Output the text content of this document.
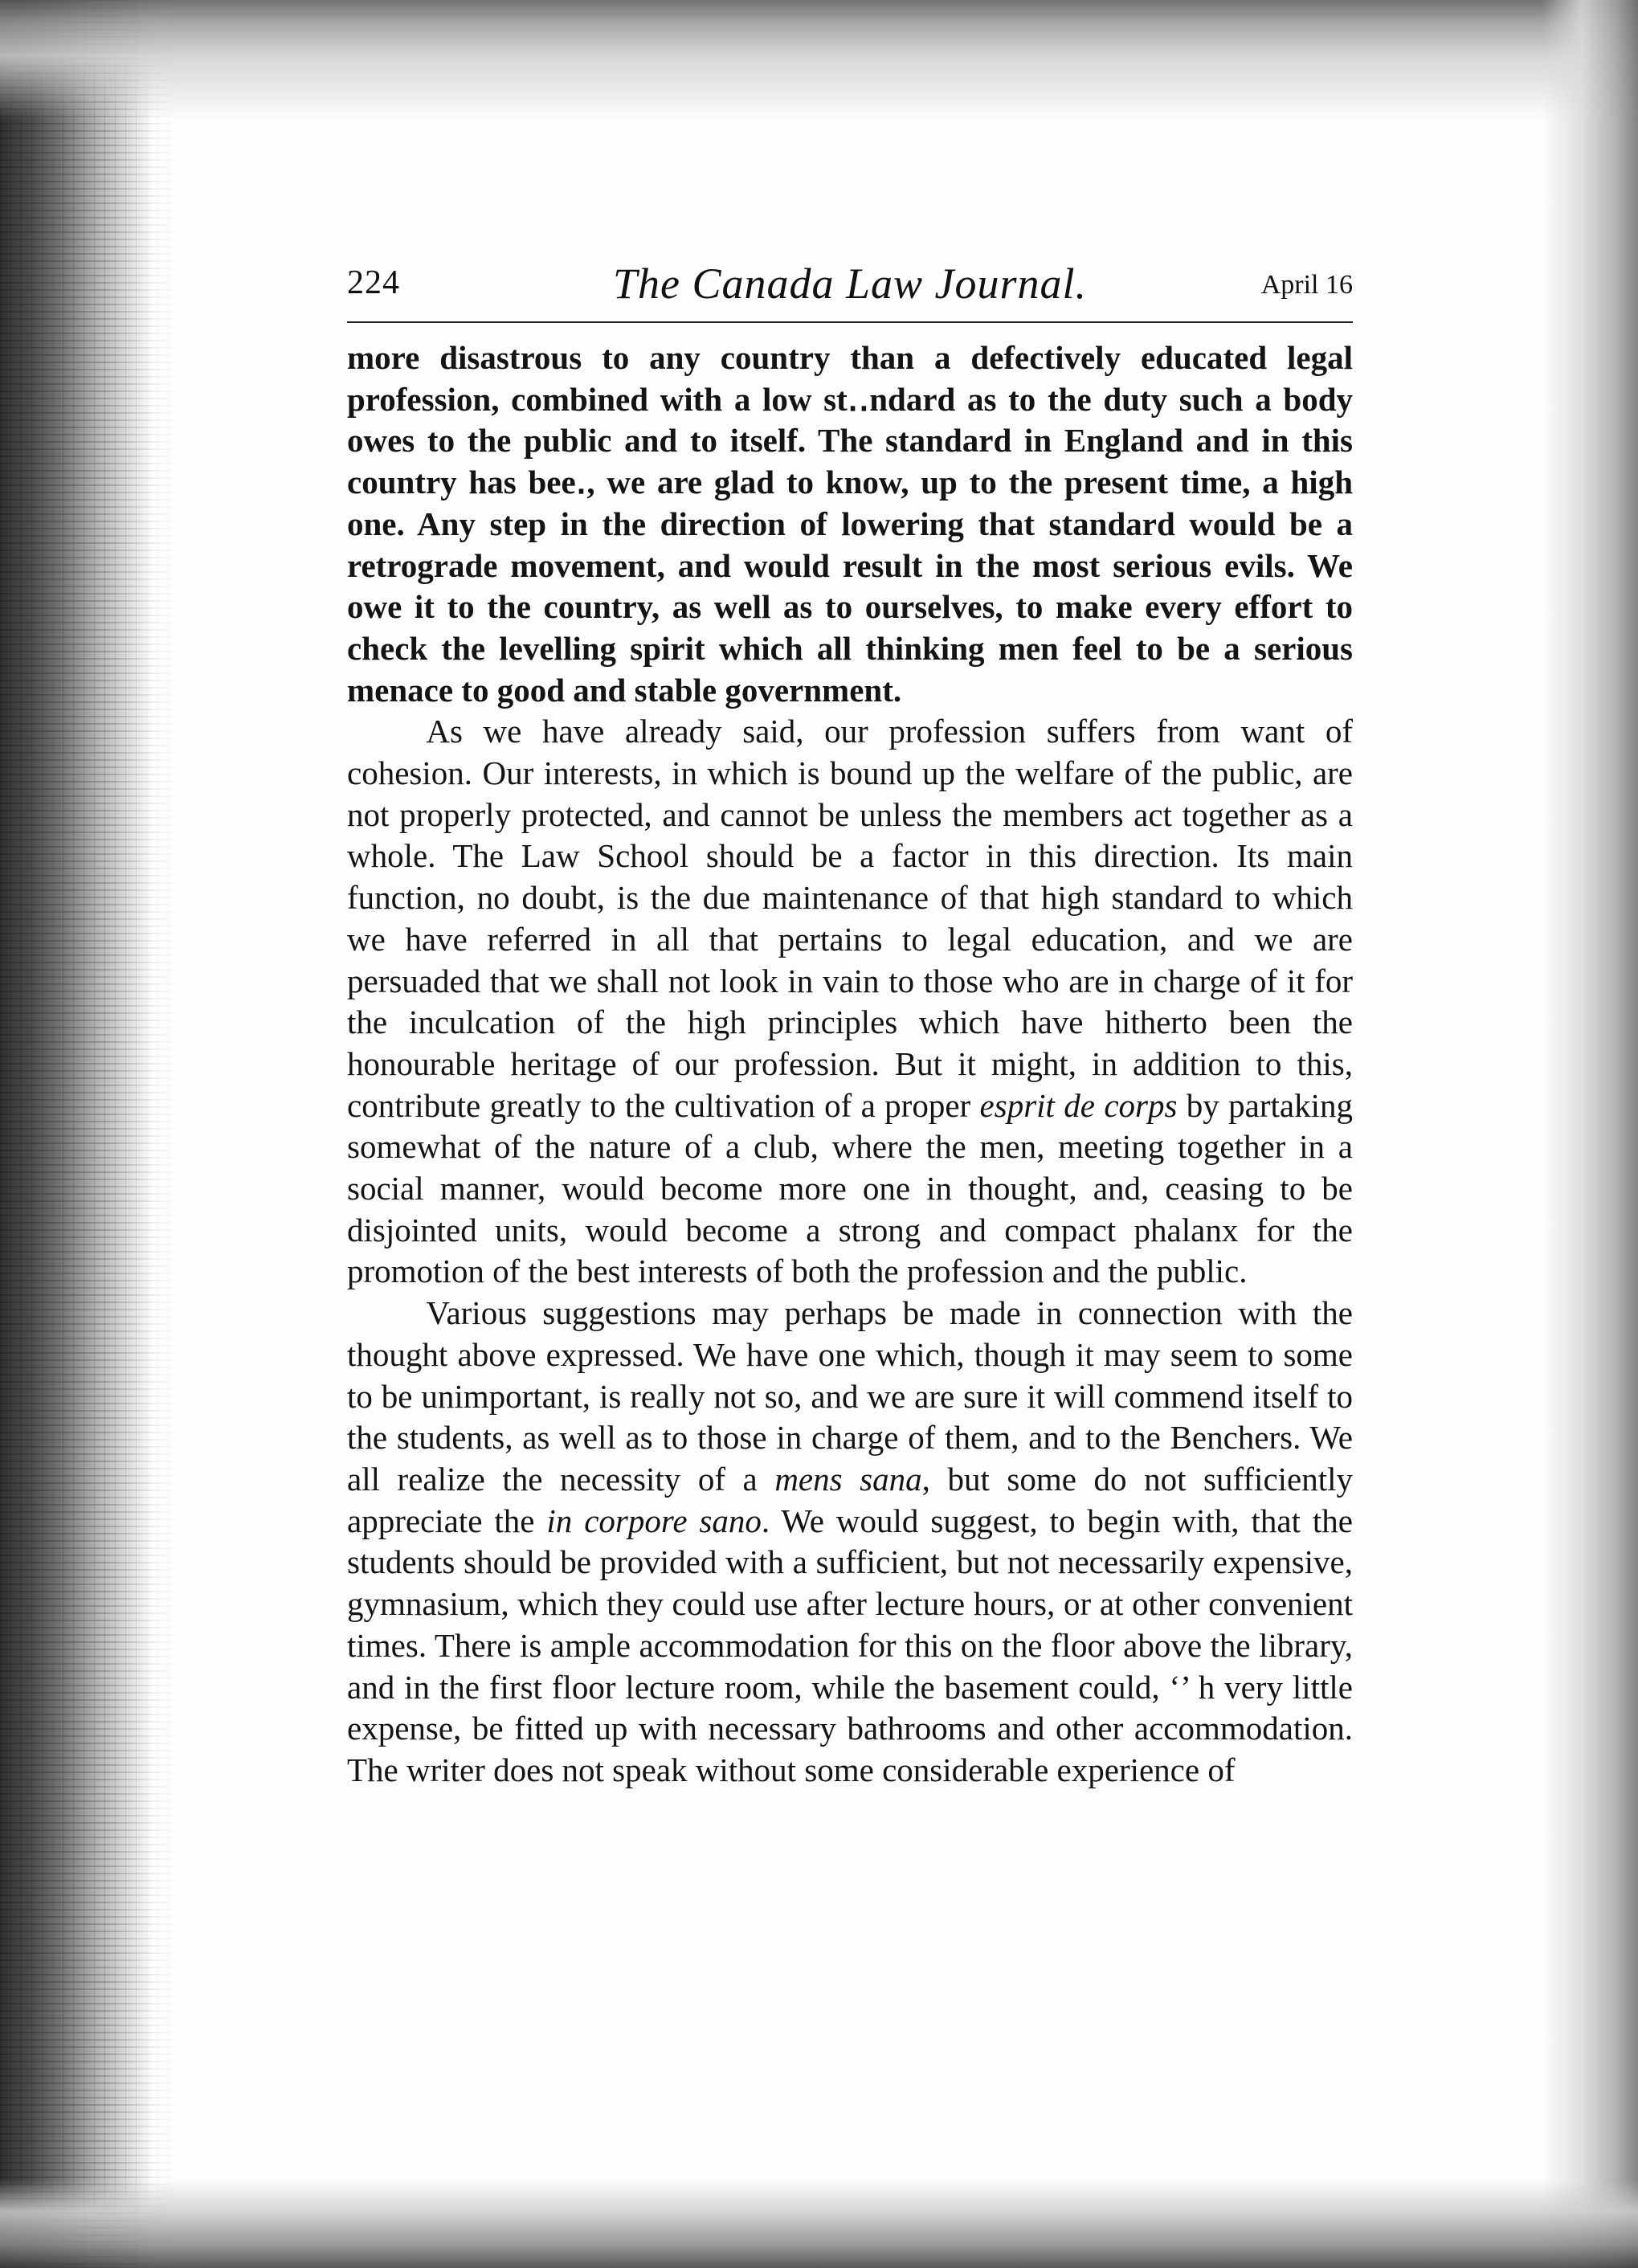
224	The Canada Law Journal.	April 16

more disastrous to any country than a defectively educated legal profession, combined with a low st․․ndard as to the duty such a body owes to the public and to itself. The standard in England and in this country has bee․, we are glad to know, up to the present time, a high one. Any step in the direction of lowering that standard would be a retrograde movement, and would result in the most serious evils. We owe it to the country, as well as to ourselves, to make every effort to check the levelling spirit which all thinking men feel to be a serious menace to good and stable government.

As we have already said, our profession suffers from want of cohesion. Our interests, in which is bound up the welfare of the public, are not properly protected, and cannot be unless the members act together as a whole. The Law School should be a factor in this direction. Its main function, no doubt, is the due maintenance of that high standard to which we have referred in all that pertains to legal education, and we are persuaded that we shall not look in vain to those who are in charge of it for the inculcation of the high principles which have hitherto been the honourable heritage of our profession. But it might, in addition to this, contribute greatly to the cultivation of a proper esprit de corps by partaking somewhat of the nature of a club, where the men, meeting together in a social manner, would become more one in thought, and, ceasing to be disjointed units, would become a strong and compact phalanx for the promotion of the best interests of both the profession and the public.

Various suggestions may perhaps be made in connection with the thought above expressed. We have one which, though it may seem to some to be unimportant, is really not so, and we are sure it will commend itself to the students, as well as to those in charge of them, and to the Benchers. We all realize the necessity of a mens sana, but some do not sufficiently appreciate the in corpore sano. We would suggest, to begin with, that the students should be provided with a sufficient, but not necessarily expensive, gymnasium, which they could use after lecture hours, or at other convenient times. There is ample accommodation for this on the floor above the library, and in the first floor lecture room, while the basement could, ‘’ h very little expense, be fitted up with necessary bathrooms and other accommodation. The writer does not speak without some considerable experience of
